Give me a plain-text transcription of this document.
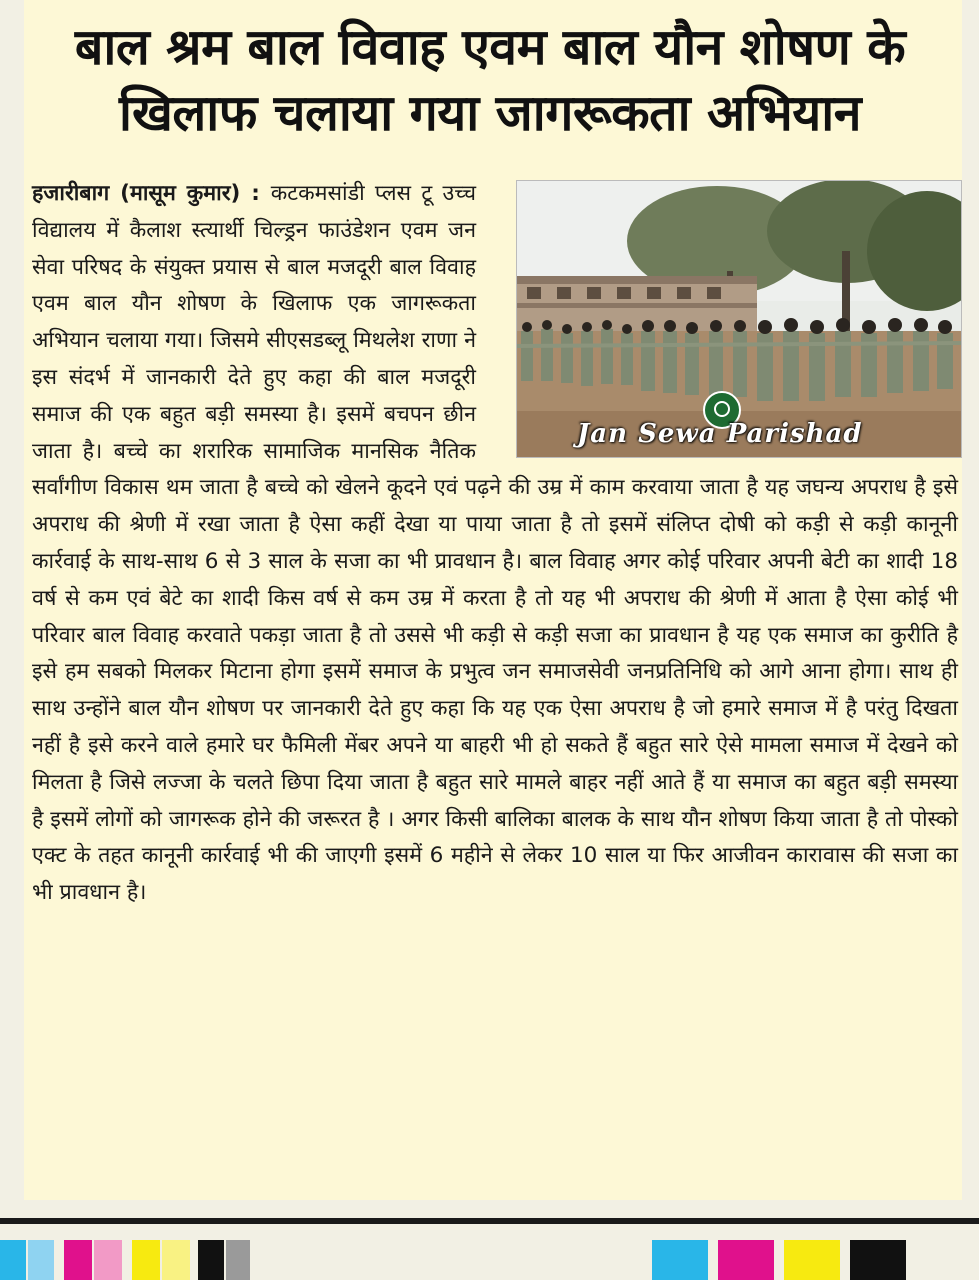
बाल श्रम बाल विवाह एवम बाल यौन शोषण के
खिलाफ चलाया गया जागरूकता अभियान
Jan Sewa Parishad
हजारीबाग (मासूम कुमार) : कटकमसांडी प्लस टू उच्च विद्यालय में कैलाश स्त्यार्थी चिल्ड्रन फाउंडेशन एवम जन सेवा परिषद के संयुक्त प्रयास से बाल मजदूरी बाल विवाह एवम बाल यौन शोषण के खिलाफ एक जागरूकता अभियान चलाया गया। जिसमे सीएसडब्लू मिथलेश राणा ने इस संदर्भ में जानकारी देते हुए कहा की बाल मजदूरी समाज की एक बहुत बड़ी समस्या है। इसमें बचपन छीन जाता है। बच्चे का शरारिक सामाजिक मानसिक नैतिक सर्वांगीण विकास थम जाता है बच्चे को खेलने कूदने एवं पढ़ने की उम्र में काम करवाया जाता है यह जघन्य अपराध है इसे अपराध की श्रेणी में रखा जाता है ऐसा कहीं देखा या पाया जाता है तो इसमें संलिप्त दोषी को कड़ी से कड़ी कानूनी कार्रवाई के साथ-साथ 6 से 3 साल के सजा का भी प्रावधान है। बाल विवाह अगर कोई परिवार अपनी बेटी का शादी 18 वर्ष से कम एवं बेटे का शादी किस वर्ष से कम उम्र में करता है तो यह भी अपराध की श्रेणी में आता है ऐसा कोई भी परिवार बाल विवाह करवाते पकड़ा जाता है तो उससे भी कड़ी से कड़ी सजा का प्रावधान है यह एक समाज का कुरीति है इसे हम सबको मिलकर मिटाना होगा इसमें समाज के प्रभुत्व जन समाजसेवी जनप्रतिनिधि को आगे आना होगा। साथ ही साथ उन्होंने बाल यौन शोषण पर जानकारी देते हुए कहा कि यह एक ऐसा अपराध है जो हमारे समाज में है परंतु दिखता नहीं है इसे करने वाले हमारे घर फैमिली मेंबर अपने या बाहरी भी हो सकते हैं बहुत सारे ऐसे मामला समाज में देखने को मिलता है जिसे लज्जा के चलते छिपा दिया जाता है बहुत सारे मामले बाहर नहीं आते हैं या समाज का बहुत बड़ी समस्या है इसमें लोगों को जागरूक होने की जरूरत है । अगर किसी बालिका बालक के साथ यौन शोषण किया जाता है तो पोस्को एक्ट के तहत कानूनी कार्रवाई भी की जाएगी इसमें 6 महीने से लेकर 10 साल या फिर आजीवन कारावास की सजा का भी प्रावधान है।
